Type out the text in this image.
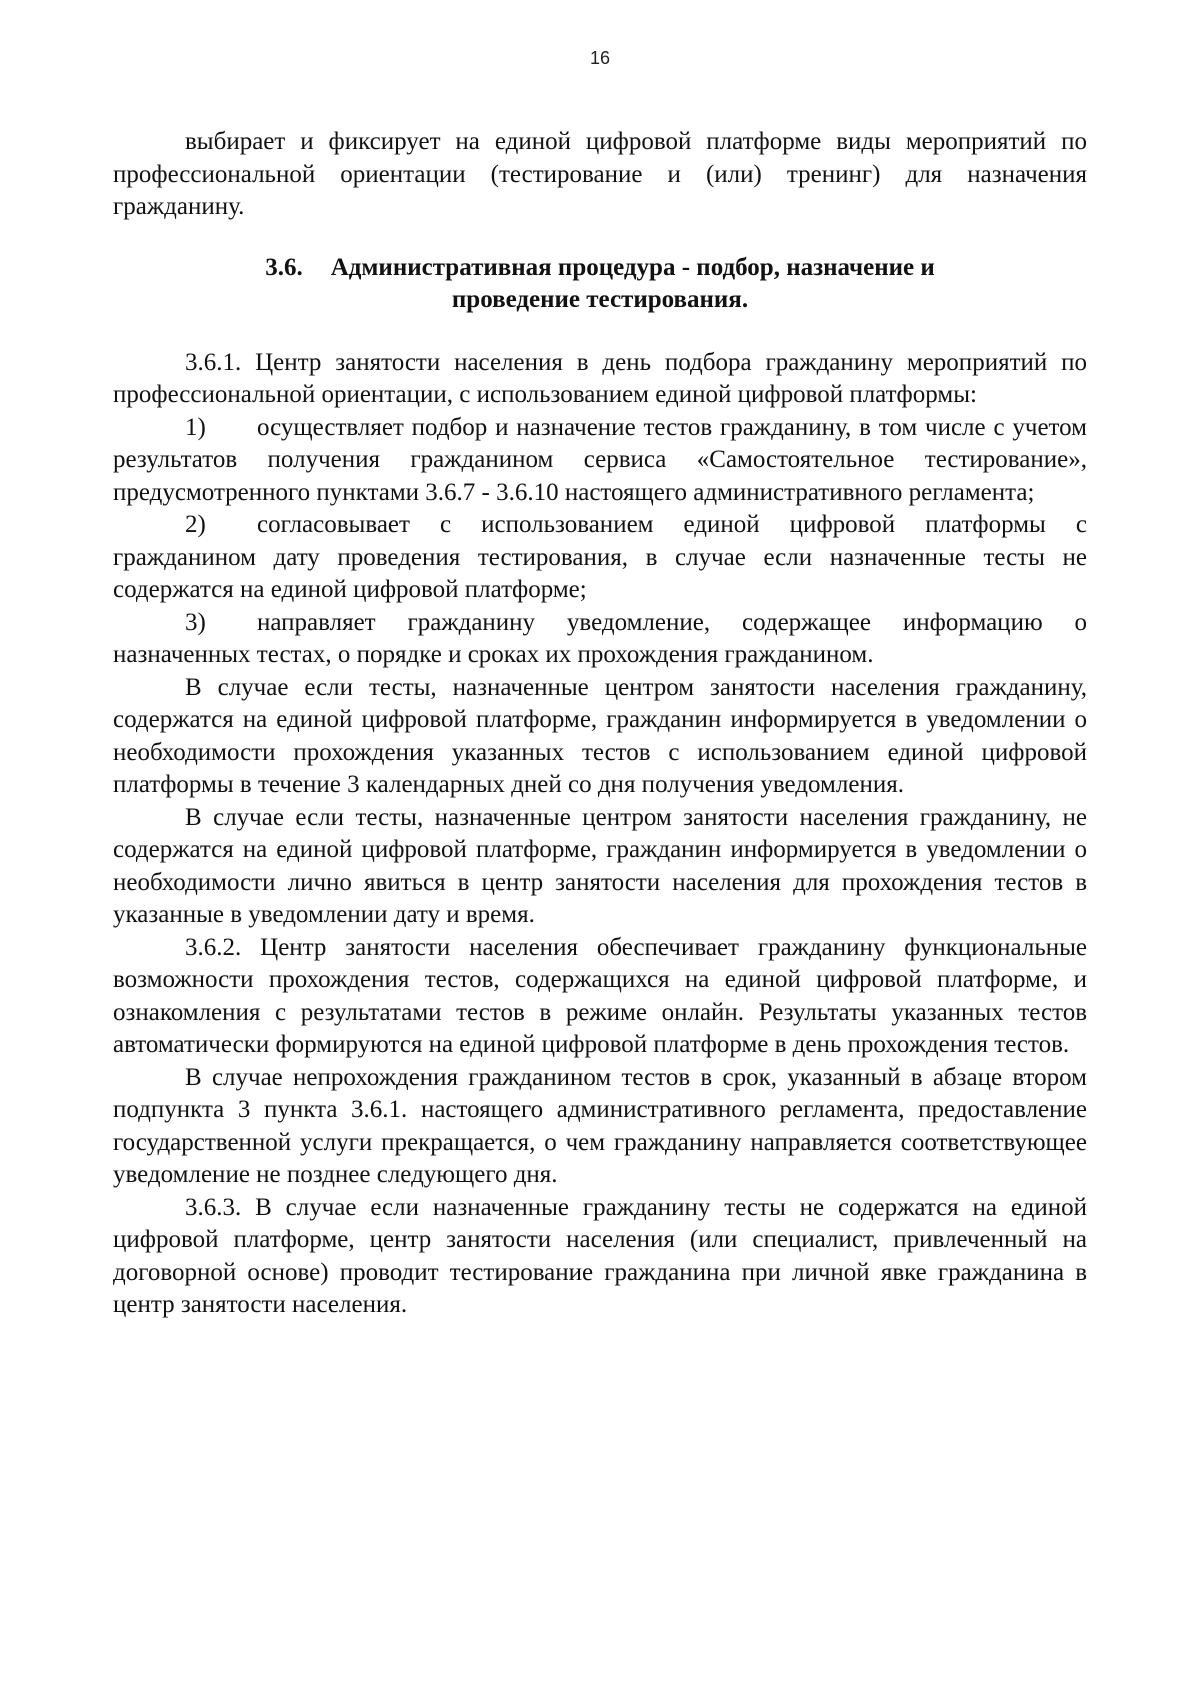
16

выбирает и фиксирует на единой цифровой платформе виды мероприятий по профессиональной ориентации (тестирование и (или) тренинг) для назначения гражданину.

3.6. Административная процедура - подбор, назначение и
проведение тестирования.

3.6.1. Центр занятости населения в день подбора гражданину мероприятий по профессиональной ориентации, с использованием единой цифровой платформы:

1) осуществляет подбор и назначение тестов гражданину, в том числе с учетом результатов получения гражданином сервиса «Самостоятельное тестирование», предусмотренного пунктами 3.6.7 - 3.6.10 настоящего административного регламента;

2) согласовывает с использованием единой цифровой платформы с гражданином дату проведения тестирования, в случае если назначенные тесты не содержатся на единой цифровой платформе;

3) направляет гражданину уведомление, содержащее информацию о назначенных тестах, о порядке и сроках их прохождения гражданином.

В случае если тесты, назначенные центром занятости населения гражданину, содержатся на единой цифровой платформе, гражданин информируется в уведомлении о необходимости прохождения указанных тестов с использованием единой цифровой платформы в течение 3 календарных дней со дня получения уведомления.

В случае если тесты, назначенные центром занятости населения гражданину, не содержатся на единой цифровой платформе, гражданин информируется в уведомлении о необходимости лично явиться в центр занятости населения для прохождения тестов в указанные в уведомлении дату и время.

3.6.2. Центр занятости населения обеспечивает гражданину функциональные возможности прохождения тестов, содержащихся на единой цифровой платформе, и ознакомления с результатами тестов в режиме онлайн. Результаты указанных тестов автоматически формируются на единой цифровой платформе в день прохождения тестов.

В случае непрохождения гражданином тестов в срок, указанный в абзаце втором подпункта 3 пункта 3.6.1. настоящего административного регламента, предоставление государственной услуги прекращается, о чем гражданину направляется соответствующее уведомление не позднее следующего дня.

3.6.3. В случае если назначенные гражданину тесты не содержатся на единой цифровой платформе, центр занятости населения (или специалист, привлеченный на договорной основе) проводит тестирование гражданина при личной явке гражданина в центр занятости населения.
